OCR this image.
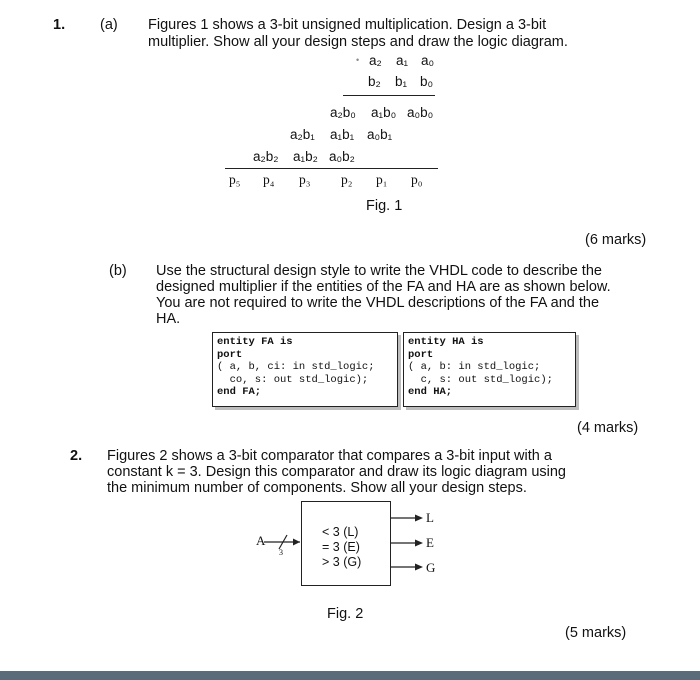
1. (a) Figures 1 shows a 3-bit unsigned multiplication. Design a 3-bit
multiplier. Show all your design steps and draw the logic diagram.
• a₂ a₁ a₀
b₂ b₁ b₀
a₂b₀ a₁b₀ a₀b₀
a₂b₁ a₁b₁ a₀b₁
a₂b₂ a₁b₂ a₀b₂
p₅ p₄ p₃ p₂ p₁ p₀
Fig. 1
(6 marks)
(b) Use the structural design style to write the VHDL code to describe the designed multiplier if the entities of the FA and HA are as shown below. You are not required to write the VHDL descriptions of the FA and the HA.
entity FA is
port
( a, b, ci: in std_logic;
co, s: out std_logic);
end FA;
entity HA is
port
( a, b: in std_logic;
c, s: out std_logic);
end HA;
(4 marks)
2. Figures 2 shows a 3-bit comparator that compares a 3-bit input with a constant k = 3. Design this comparator and draw its logic diagram using the minimum number of components. Show all your design steps.
A
3
< 3 (L)
= 3 (E)
> 3 (G)
L
E
G
Fig. 2
(5 marks)
